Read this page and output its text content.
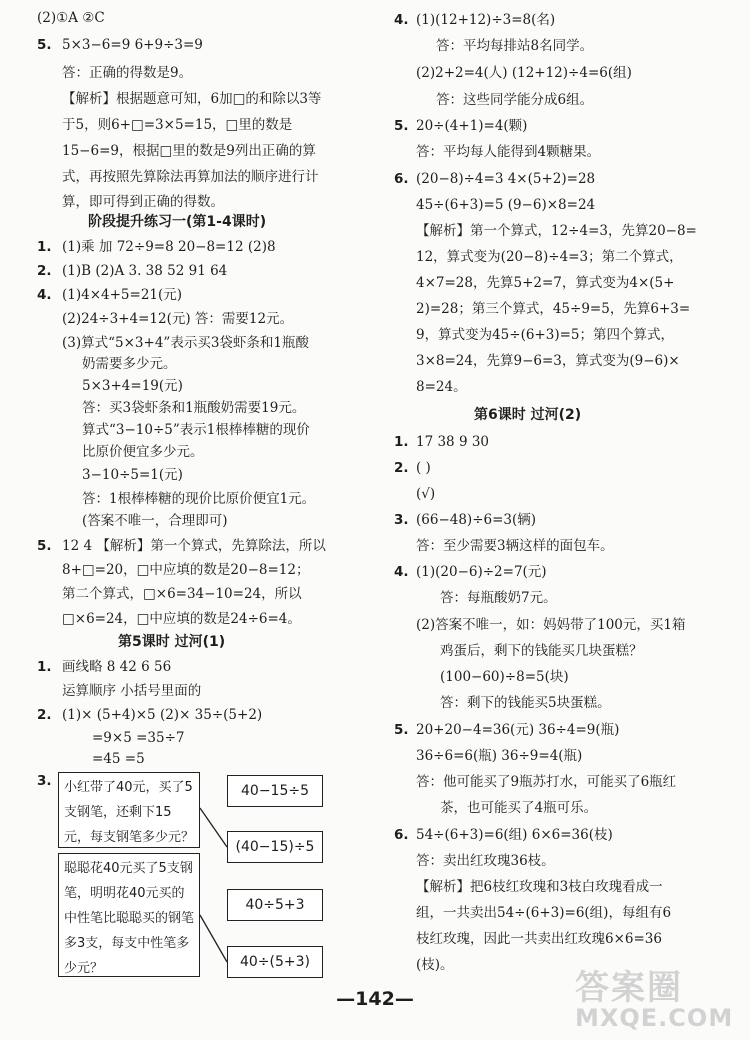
(2)①A ②C
5. 5×3−6=9 6+9÷3=9
答：正确的得数是9。
【解析】根据题意可知，6加□的和除以3等
于5，则6+□=3×5=15，□里的数是
15−6=9，根据□里的数是9列出正确的算
式，再按照先算除法再算加法的顺序进行计
算，即可得到正确的得数。
阶段提升练习一(第1-4课时)
1. (1)乘 加 72÷9=8 20−8=12 (2)8
2. (1)B (2)A 3. 38 52 91 64
4. (1)4×4+5=21(元)
(2)24÷3+4=12(元) 答：需要12元。
(3)算式“5×3+4”表示买3袋虾条和1瓶酸
奶需要多少元。
5×3+4=19(元)
答：买3袋虾条和1瓶酸奶需要19元。
算式“3−10÷5”表示1根棒棒糖的现价
比原价便宜多少元。
3−10÷5=1(元)
答：1根棒棒糖的现价比原价便宜1元。
(答案不唯一，合理即可)
5. 12 4 【解析】第一个算式，先算除法，所以
8+□=20，□中应填的数是20−8=12；
第二个算式，□×6=34−10=24，所以
□×6=24，□中应填的数是24÷6=4。
第5课时 过河(1)
1. 画线略 8 42 6 56
运算顺序 小括号里面的
2. (1)× (5+4)×5 (2)× 35÷(5+2)
=9×5 =35÷7
=45 =5
3. 小红带了40元，买了5支钢笔，还剩下15元，每支钢笔多少元？
聪聪花40元买了5支钢笔，明明花40元买的中性笔比聪聪买的钢笔多3支，每支中性笔多少元？
40−15÷5
(40−15)÷5
40÷5+3
40÷(5+3)
4. (1)(12+12)÷3=8(名)
答：平均每排站8名同学。
(2)2+2=4(人) (12+12)÷4=6(组)
答：这些同学能分成6组。
5. 20÷(4+1)=4(颗)
答：平均每人能得到4颗糖果。
6. (20−8)÷4=3 4×(5+2)=28
45÷(6+3)=5 (9−6)×8=24
【解析】第一个算式，12÷4=3，先算20−8=
12，算式变为(20−8)÷4=3；第二个算式，
4×7=28，先算5+2=7，算式变为4×(5+
2)=28；第三个算式，45÷9=5，先算6+3=
9，算式变为45÷(6+3)=5；第四个算式，
3×8=24，先算9−6=3，算式变为(9−6)×
8=24。
第6课时 过河(2)
1. 17 38 9 30
2. ( )
(√)
3. (66−48)÷6=3(辆)
答：至少需要3辆这样的面包车。
4. (1)(20−6)÷2=7(元)
答：每瓶酸奶7元。
(2)答案不唯一，如：妈妈带了100元，买1箱
鸡蛋后，剩下的钱能买几块蛋糕？
(100−60)÷8=5(块)
答：剩下的钱能买5块蛋糕。
5. 20+20−4=36(元) 36÷4=9(瓶)
36÷6=6(瓶) 36÷9=4(瓶)
答：他可能买了9瓶苏打水，可能买了6瓶红
茶，也可能买了4瓶可乐。
6. 54÷(6+3)=6(组) 6×6=36(枝)
答：卖出红玫瑰36枝。
【解析】把6枝红玫瑰和3枝白玫瑰看成一
组，一共卖出54÷(6+3)=6(组)，每组有6
枝红玫瑰，因此一共卖出红玫瑰6×6=36
(枝)。
—142—	答案圈
MXQE.COM
